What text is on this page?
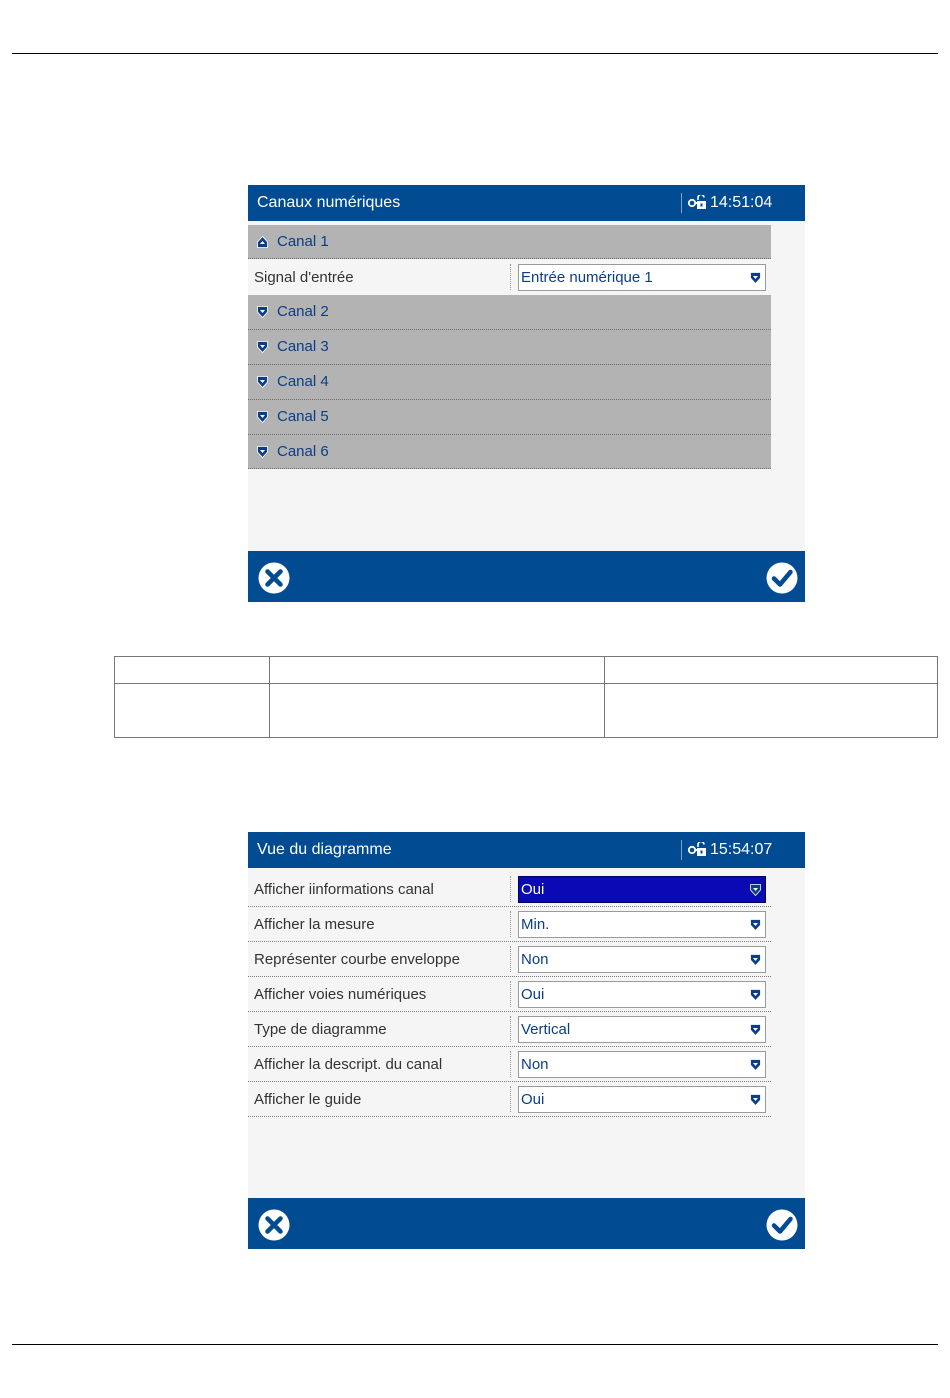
Canaux numériques	14:51:04
Canal 1
Signal d'entrée	Entrée numérique 1
Canal 2
Canal 3
Canal 4
Canal 5
Canal 6

Vue du diagramme	15:54:07
Afficher iinformations canal	Oui
Afficher la mesure	Min.
Représenter courbe enveloppe	Non
Afficher voies numériques	Oui
Type de diagramme	Vertical
Afficher la descript. du canal	Non
Afficher le guide	Oui
